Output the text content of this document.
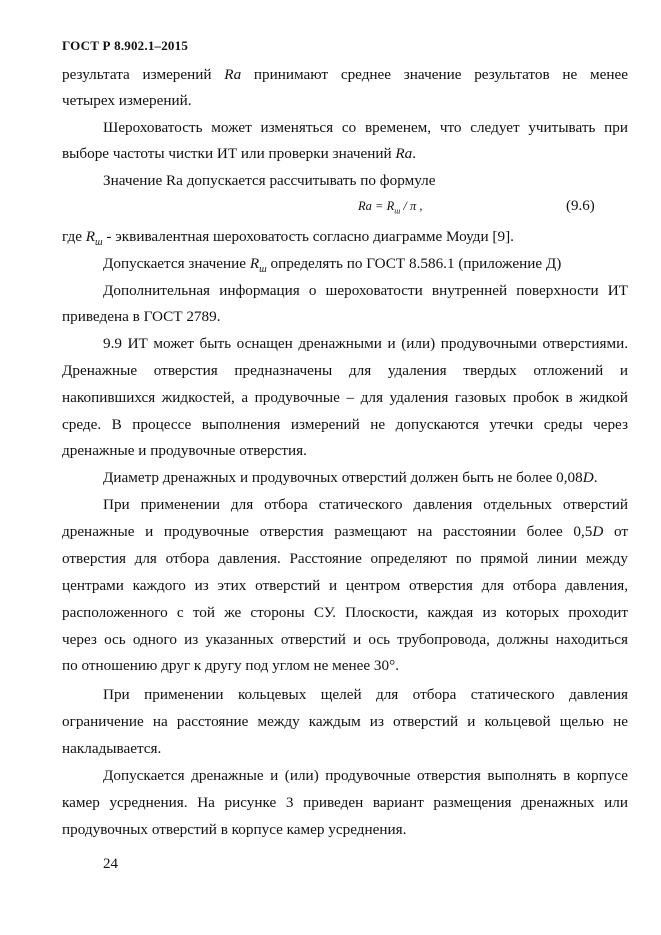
ГОСТ Р 8.902.1–2015
результата измерений Ra принимают среднее значение результатов не менее
четырех измерений.
Шероховатость может изменяться со временем, что следует учитывать при
выборе частоты чистки ИТ или проверки значений Ra.
Значение Ra допускается рассчитывать по формуле
$Ra = R_ш / \pi$ ,	(9.6)
где $R_ш$ - эквивалентная шероховатость согласно диаграмме Моуди [9].
Допускается значение $R_ш$ определять по ГОСТ 8.586.1 (приложение Д)
Дополнительная информация о шероховатости внутренней поверхности ИТ
приведена в ГОСТ 2789.
9.9 ИТ может быть оснащен дренажными и (или) продувочными отверстиями.
Дренажные отверстия предназначены для удаления твердых отложений и
накопившихся жидкостей, а продувочные – для удаления газовых пробок в жидкой
среде. В процессе выполнения измерений не допускаются утечки среды через
дренажные и продувочные отверстия.
Диаметр дренажных и продувочных отверстий должен быть не более 0,08D.
При применении для отбора статического давления отдельных отверстий
дренажные и продувочные отверстия размещают на расстоянии более 0,5D от
отверстия для отбора давления. Расстояние определяют по прямой линии между
центрами каждого из этих отверстий и центром отверстия для отбора давления,
расположенного с той же стороны СУ. Плоскости, каждая из которых проходит
через ось одного из указанных отверстий и ось трубопровода, должны находиться
по отношению друг к другу под углом не менее 30°.
При применении кольцевых щелей для отбора статического давления
ограничение на расстояние между каждым из отверстий и кольцевой щелью не
накладывается.
Допускается дренажные и (или) продувочные отверстия выполнять в корпусе
камер усреднения. На рисунке 3 приведен вариант размещения дренажных или
продувочных отверстий в корпусе камер усреднения.
24
